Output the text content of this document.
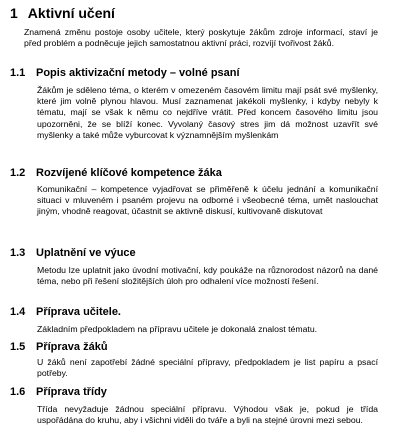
1 Aktivní učení
Znamená změnu postoje osoby učitele, který poskytuje žákům zdroje informací, staví je před problém a podněcuje jejich samostatnou aktivní práci, rozvíjí tvořivost žáků.
1.1 Popis aktivizační metody – volné psaní
Žákům je sděleno téma, o kterém v omezeném časovém limitu mají psát své myšlenky, které jim volně plynou hlavou. Musí zaznamenat jakékoli myšlenky, i kdyby nebyly k tématu, mají se však k němu co nejdříve vrátit. Před koncem časového limitu jsou upozorněni, že se blíží konec. Vyvolaný časový stres jim dá možnost uzavřít své myšlenky a také může vyburcovat k významnějším myšlenkám
1.2 Rozvíjené klíčové kompetence žáka
Komunikační – kompetence vyjadřovat se přiměřeně k účelu jednání a komunikační situaci v mluveném i psaném projevu na odborné i všeobecné téma, umět naslouchat jiným, vhodně reagovat, účastnit se aktivně diskusí, kultivovaně diskutovat
1.3 Uplatnění ve výuce
Metodu lze uplatnit jako úvodní motivační, kdy poukáže na různorodost názorů na dané téma, nebo při řešení složitějších úloh pro odhalení více možností řešení.
1.4 Příprava učitele.
Základním předpokladem na přípravu učitele je dokonalá znalost tématu.
1.5 Příprava žáků
U žáků není zapotřebí žádné speciální přípravy, předpokladem je list papíru a psací potřeby.
1.6 Příprava třídy
Třída nevyžaduje žádnou speciální přípravu. Výhodou však je, pokud je třída uspořádána do kruhu, aby i všichni viděli do tváře a byli na stejné úrovni mezi sebou.
